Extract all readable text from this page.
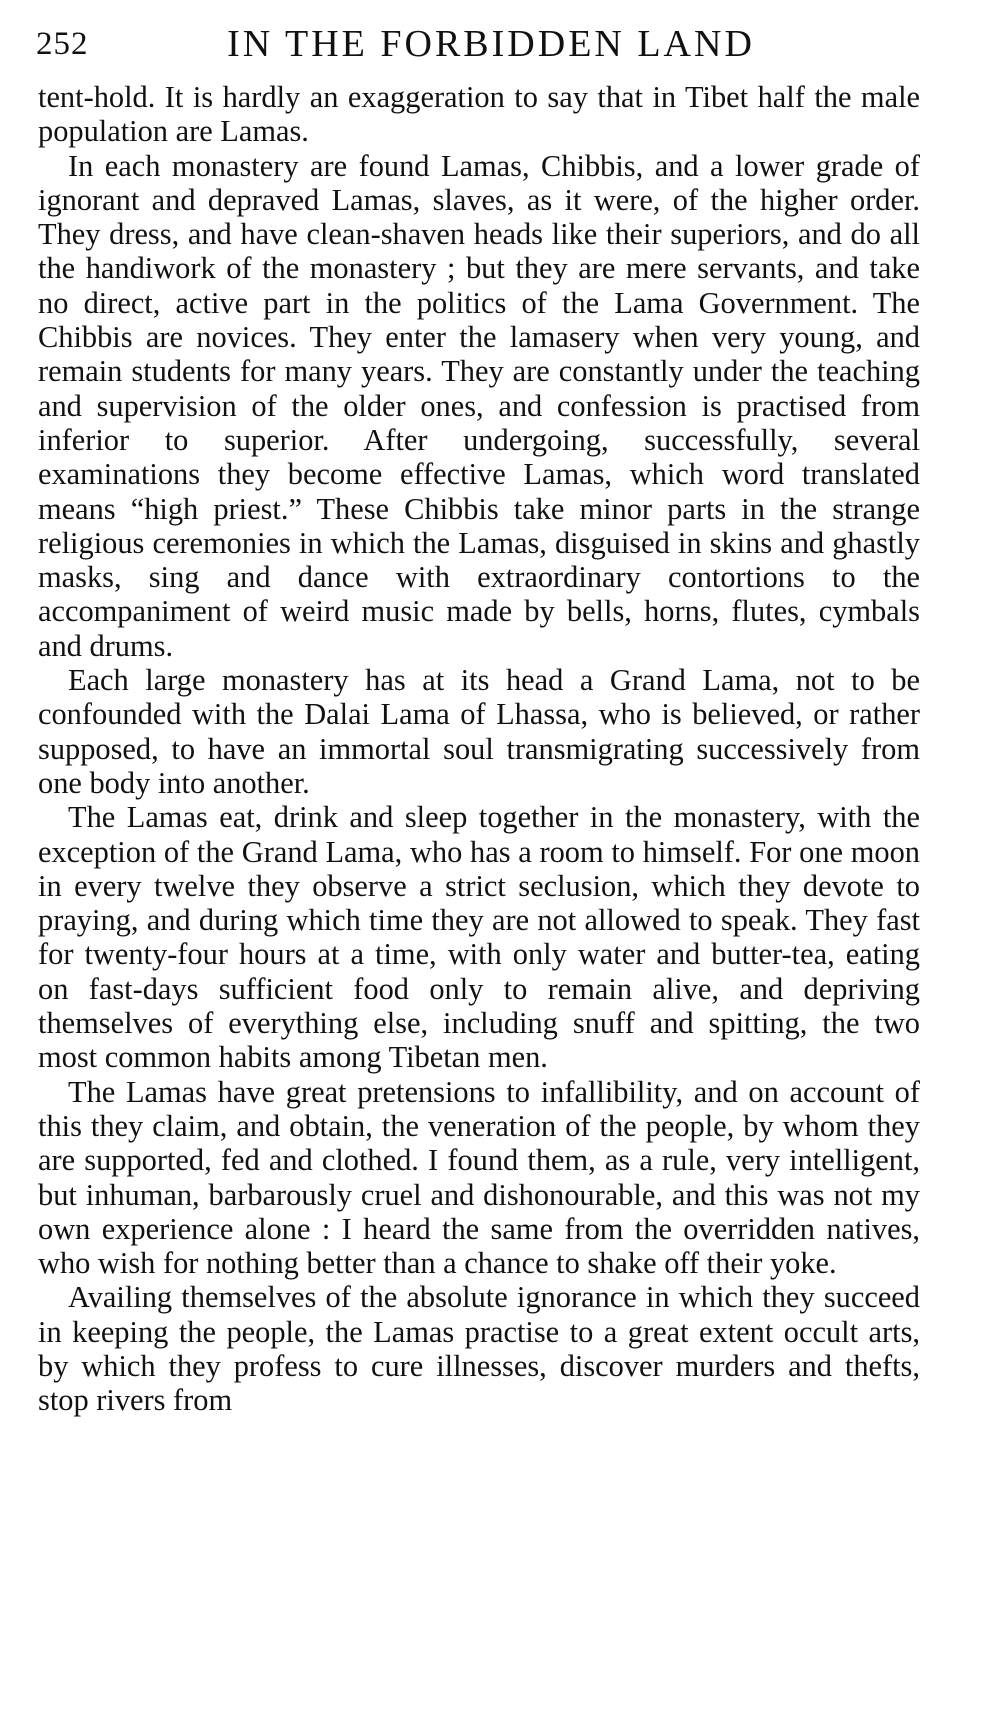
252	IN THE FORBIDDEN LAND

tent-hold. It is hardly an exaggeration to say that in Tibet half the male population are Lamas.

In each monastery are found Lamas, Chibbis, and a lower grade of ignorant and depraved Lamas, slaves, as it were, of the higher order. They dress, and have clean-shaven heads like their superiors, and do all the handiwork of the monastery ; but they are mere servants, and take no direct, active part in the politics of the Lama Government. The Chibbis are novices. They enter the lamasery when very young, and remain students for many years. They are constantly under the teaching and supervision of the older ones, and confession is practised from inferior to superior. After undergoing, successfully, several examinations they become effective Lamas, which word translated means “high priest.” These Chibbis take minor parts in the strange religious ceremonies in which the Lamas, disguised in skins and ghastly masks, sing and dance with extraordinary contortions to the accompaniment of weird music made by bells, horns, flutes, cymbals and drums.

Each large monastery has at its head a Grand Lama, not to be confounded with the Dalai Lama of Lhassa, who is believed, or rather supposed, to have an immortal soul transmigrating successively from one body into another.

The Lamas eat, drink and sleep together in the monastery, with the exception of the Grand Lama, who has a room to himself. For one moon in every twelve they observe a strict seclusion, which they devote to praying, and during which time they are not allowed to speak. They fast for twenty-four hours at a time, with only water and butter-tea, eating on fast-days sufficient food only to remain alive, and depriving themselves of everything else, including snuff and spitting, the two most common habits among Tibetan men.

The Lamas have great pretensions to infallibility, and on account of this they claim, and obtain, the veneration of the people, by whom they are supported, fed and clothed. I found them, as a rule, very intelligent, but inhuman, barbarously cruel and dishonourable, and this was not my own experience alone : I heard the same from the overridden natives, who wish for nothing better than a chance to shake off their yoke.

Availing themselves of the absolute ignorance in which they succeed in keeping the people, the Lamas practise to a great extent occult arts, by which they profess to cure illnesses, discover murders and thefts, stop rivers from
